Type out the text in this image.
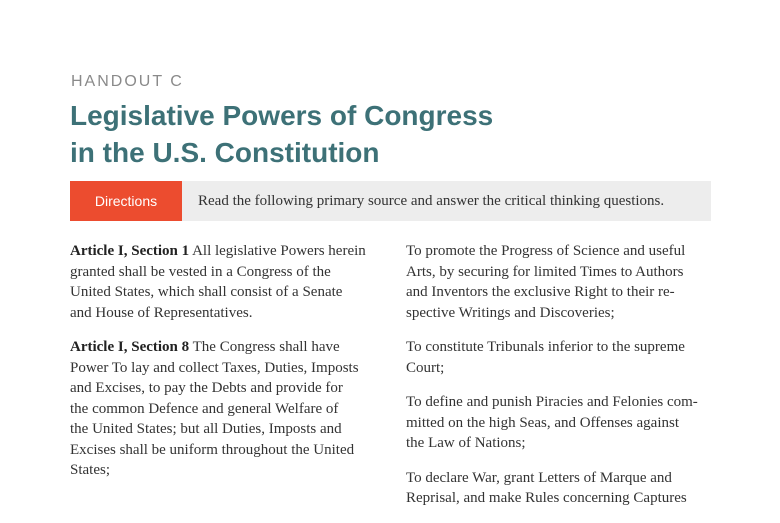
HANDOUT C
Legislative Powers of Congress
in the U.S. Constitution
Directions	Read the following primary source and answer the critical thinking questions.

Article I, Section 1 All legislative Powers herein
granted shall be vested in a Congress of the
United States, which shall consist of a Senate
and House of Representatives.

Article I, Section 8 The Congress shall have
Power To lay and collect Taxes, Duties, Imposts
and Excises, to pay the Debts and provide for
the common Defence and general Welfare of
the United States; but all Duties, Imposts and
Excises shall be uniform throughout the United
States;

To promote the Progress of Science and useful
Arts, by securing for limited Times to Authors
and Inventors the exclusive Right to their re-
spective Writings and Discoveries;

To constitute Tribunals inferior to the supreme
Court;

To define and punish Piracies and Felonies com-
mitted on the high Seas, and Offenses against
the Law of Nations;

To declare War, grant Letters of Marque and
Reprisal, and make Rules concerning Captures
